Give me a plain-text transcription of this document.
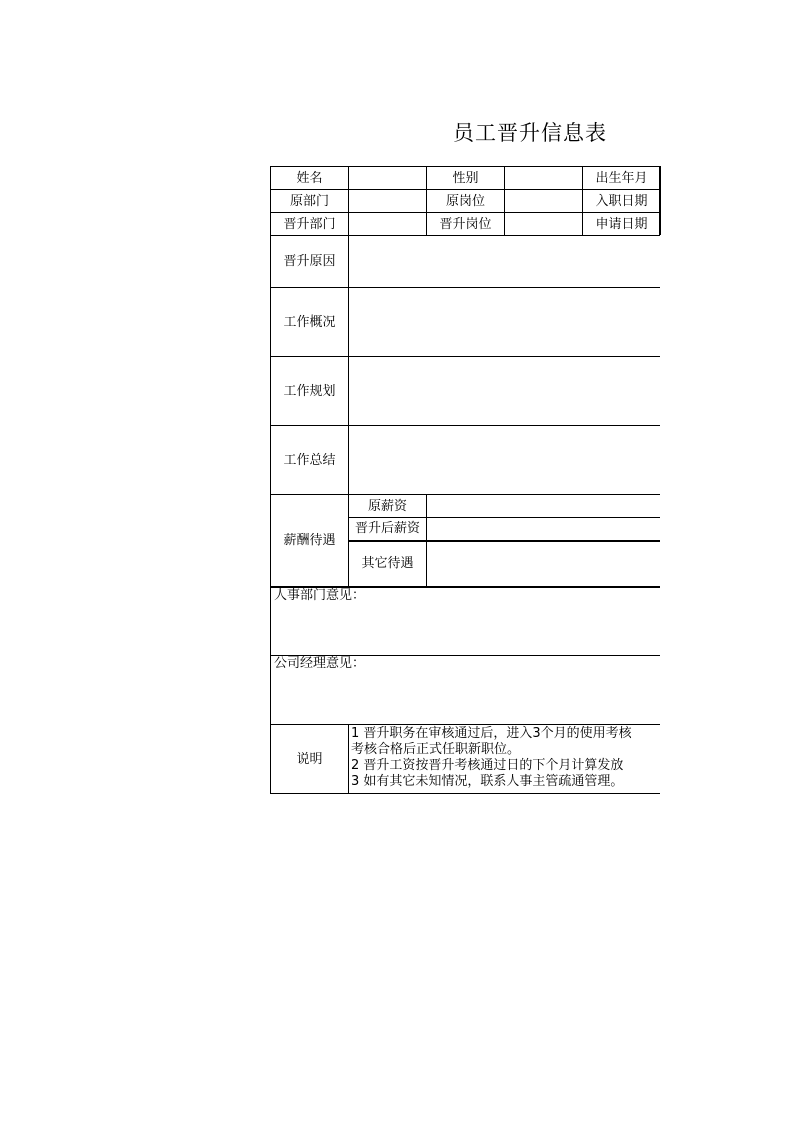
员工晋升信息表
姓名		性别		出生年月	
原部门		原岗位		入职日期	
晋升部门		晋升岗位		申请日期	
晋升原因					
工作概况					
工作规划					
工作总结					
薪酬待遇	原薪资				
	晋升后薪资				
	其它待遇				
人事部门意见：					
公司经理意见：					
说明	1 晋升职务在审核通过后，进入3个月的使用考核
考核合格后正式任职新职位。
2 晋升工资按晋升考核通过日的下个月计算发放
3 如有其它未知情况，联系人事主管疏通管理。				
